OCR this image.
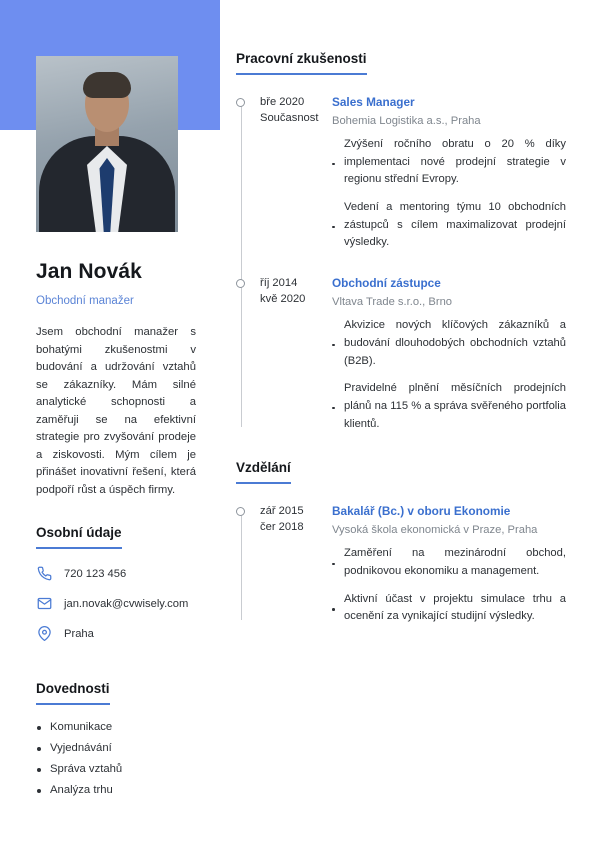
Jan Novák
Obchodní manažer
Jsem obchodní manažer s bohatými zkušenostmi v budování a udržování vztahů se zákazníky. Mám silné analytické schopnosti a zaměřuji se na efektivní strategie pro zvyšování prodeje a ziskovosti. Mým cílem je přinášet inovativní řešení, která podpoří růst a úspěch firmy.
Osobní údaje
720 123 456
jan.novak@cvwisely.com
Praha
Dovednosti
Komunikace
Vyjednávání
Správa vztahů
Analýza trhu
Pracovní zkušenosti
bře 2020
Současnost
Sales Manager
Bohemia Logistika a.s., Praha
Zvýšení ročního obratu o 20 % díky implementaci nové prodejní strategie v regionu střední Evropy.
Vedení a mentoring týmu 10 obchodních zástupců s cílem maximalizovat prodejní výsledky.
říj 2014
kvě 2020
Obchodní zástupce
Vltava Trade s.r.o., Brno
Akvizice nových klíčových zákazníků a budování dlouhodobých obchodních vztahů (B2B).
Pravidelné plnění měsíčních prodejních plánů na 115 % a správa svěřeného portfolia klientů.
Vzdělání
zář 2015
čer 2018
Bakalář (Bc.) v oboru Ekonomie
Vysoká škola ekonomická v Praze, Praha
Zaměření na mezinárodní obchod, podnikovou ekonomiku a management.
Aktivní účast v projektu simulace trhu a ocenění za vynikající studijní výsledky.
